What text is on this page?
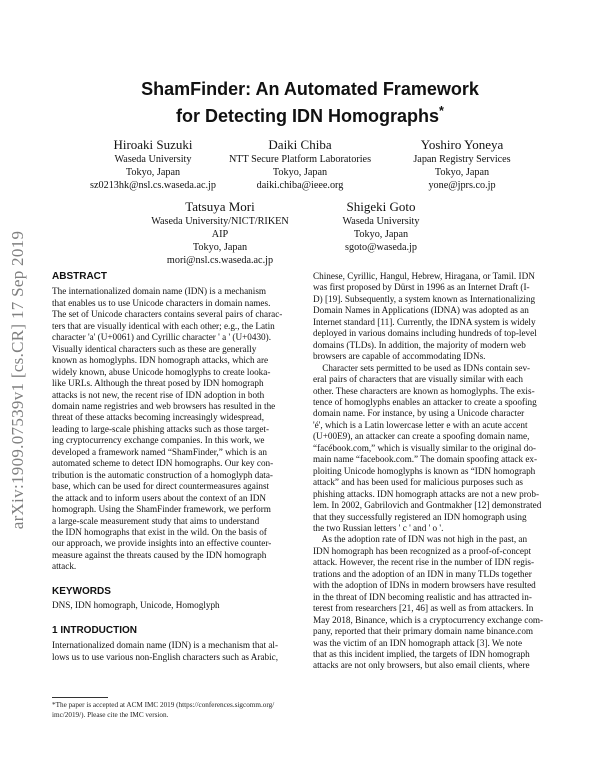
arXiv:1909.07539v1 [cs.CR] 17 Sep 2019
ShamFinder: An Automated Framework
for Detecting IDN Homographs*
Hiroaki Suzuki
Waseda University
Tokyo, Japan
sz0213hk@nsl.cs.waseda.ac.jp
Daiki Chiba
NTT Secure Platform Laboratories
Tokyo, Japan
daiki.chiba@ieee.org
Yoshiro Yoneya
Japan Registry Services
Tokyo, Japan
yone@jprs.co.jp
Tatsuya Mori
Waseda University/NICT/RIKEN
AIP
Tokyo, Japan
mori@nsl.cs.waseda.ac.jp
Shigeki Goto
Waseda University
Tokyo, Japan
sgoto@waseda.jp
ABSTRACT
The internationalized domain name (IDN) is a mechanism
that enables us to use Unicode characters in domain names.
The set of Unicode characters contains several pairs of charac-
ters that are visually identical with each other; e.g., the Latin
character 'a' (U+0061) and Cyrillic character ' а ' (U+0430).
Visually identical characters such as these are generally
known as homoglyphs. IDN homograph attacks, which are
widely known, abuse Unicode homoglyphs to create looka-
like URLs. Although the threat posed by IDN homograph
attacks is not new, the recent rise of IDN adoption in both
domain name registries and web browsers has resulted in the
threat of these attacks becoming increasingly widespread,
leading to large-scale phishing attacks such as those target-
ing cryptocurrency exchange companies. In this work, we
developed a framework named “ShamFinder,” which is an
automated scheme to detect IDN homographs. Our key con-
tribution is the automatic construction of a homoglyph data-
base, which can be used for direct countermeasures against
the attack and to inform users about the context of an IDN
homograph. Using the ShamFinder framework, we perform
a large-scale measurement study that aims to understand
the IDN homographs that exist in the wild. On the basis of
our approach, we provide insights into an effective counter-
measure against the threats caused by the IDN homograph
attack.
KEYWORDS

DNS, IDN homograph, Unicode, Homoglyph

1 INTRODUCTION
Internationalized domain name (IDN) is a mechanism that al-
lows us to use various non-English characters such as Arabic,
*The paper is accepted at ACM IMC 2019 (https://conferences.sigcomm.org/
imc/2019/). Please cite the IMC version.
Chinese, Cyrillic, Hangul, Hebrew, Hiragana, or Tamil. IDN
was first proposed by Dürst in 1996 as an Internet Draft (I-
D) [19]. Subsequently, a system known as Internationalizing
Domain Names in Applications (IDNA) was adopted as an
Internet standard [11]. Currently, the IDNA system is widely
deployed in various domains including hundreds of top-level
domains (TLDs). In addition, the majority of modern web
browsers are capable of accommodating IDNs.
Character sets permitted to be used as IDNs contain sev-
eral pairs of characters that are visually similar with each
other. These characters are known as homoglyphs. The exis-
tence of homoglyphs enables an attacker to create a spoofing
domain name. For instance, by using a Unicode character
'é', which is a Latin lowercase letter e with an acute accent
(U+00E9), an attacker can create a spoofing domain name,
“facébook.com,” which is visually similar to the original do-
main name “facebook.com.” The domain spoofing attack ex-
ploiting Unicode homoglyphs is known as “IDN homograph
attack” and has been used for malicious purposes such as
phishing attacks. IDN homograph attacks are not a new prob-
lem. In 2002, Gabrilovich and Gontmakher [12] demonstrated
that they successfully registered an IDN homograph using
the two Russian letters ' с ' and ' о '.
As the adoption rate of IDN was not high in the past, an
IDN homograph has been recognized as a proof-of-concept
attack. However, the recent rise in the number of IDN regis-
trations and the adoption of an IDN in many TLDs together
with the adoption of IDNs in modern browsers have resulted
in the threat of IDN becoming realistic and has attracted in-
terest from researchers [21, 46] as well as from attackers. In
May 2018, Binance, which is a cryptocurrency exchange com-
pany, reported that their primary domain name binance.com
was the victim of an IDN homograph attack [3]. We note
that as this incident implied, the targets of IDN homograph
attacks are not only browsers, but also email clients, where
